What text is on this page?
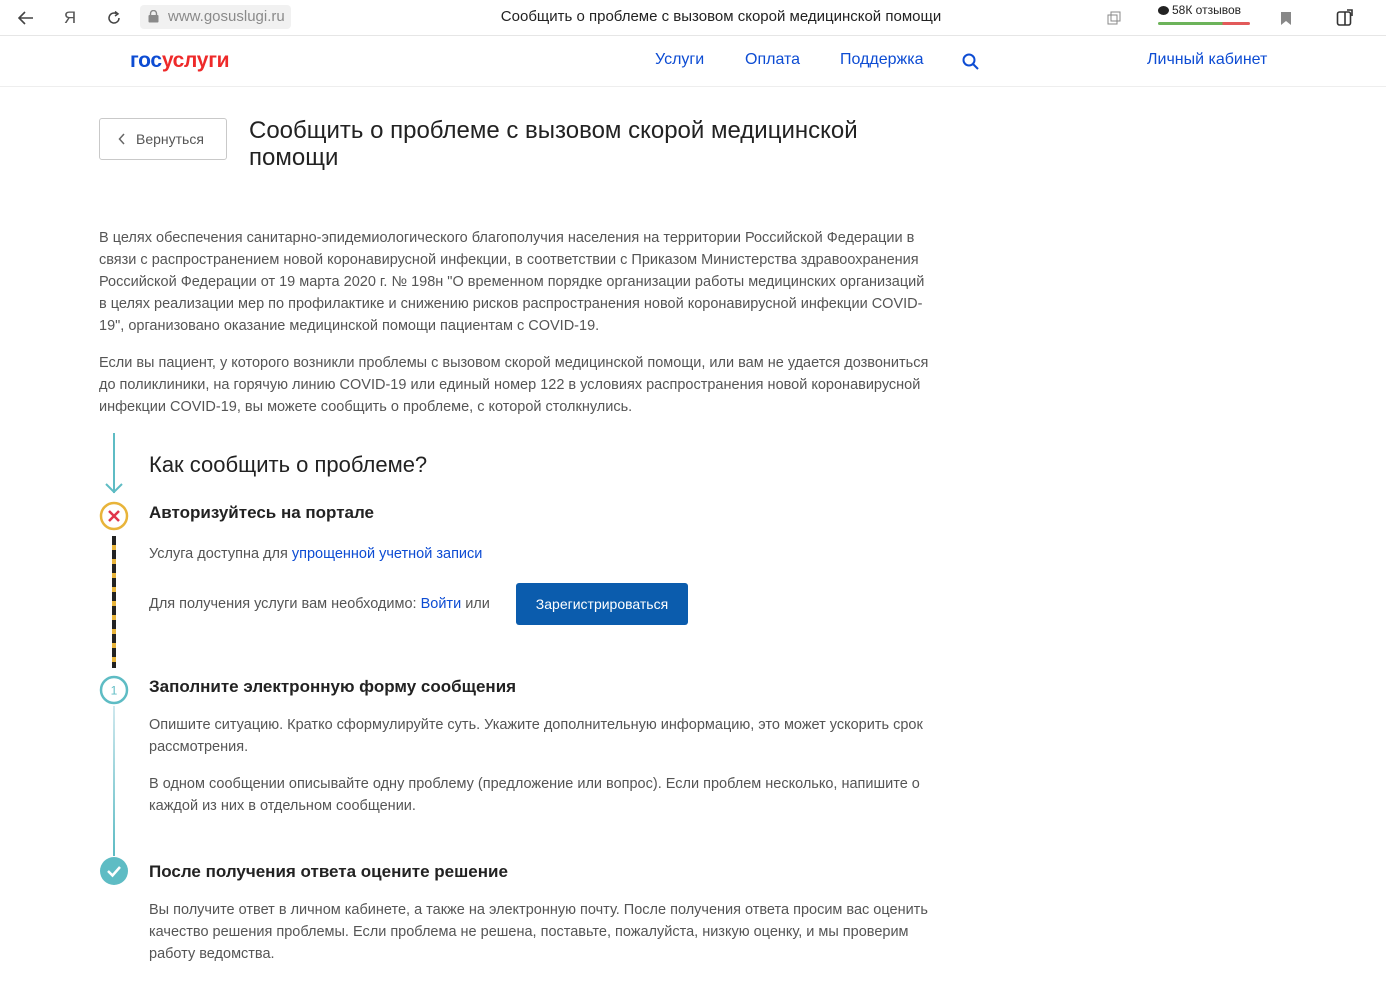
Я	www.gosuslugi.ru	Сообщить о проблеме с вызовом скорой медицинской помощи	58К отзывов
госуслуги	Услуги	Оплата Поддержка	Личный кабинет
Вернуться Сообщить о проблеме с вызовом скорой медицинской помощи

В целях обеспечения санитарно-эпидемиологического благополучия населения на территории Российской Федерации в связи с распространением новой коронавирусной инфекции, в соответствии с Приказом Министерства здравоохранения Российской Федерации от 19 марта 2020 г. № 198н "О временном порядке организации работы медицинских организаций в целях реализации мер по профилактике и снижению рисков распространения новой коронавирусной инфекции COVID-19", организовано оказание медицинской помощи пациентам с COVID-19.

Если вы пациент, у которого возникли проблемы с вызовом скорой медицинской помощи, или вам не удается дозвониться до поликлиники, на горячую линию COVID-19 или единый номер 122 в условиях распространения новой коронавирусной инфекции COVID-19, вы можете сообщить о проблеме, с которой столкнулись.

Как сообщить о проблеме?
Авторизуйтесь на портале
Услуга доступна для упрощенной учетной записи
Для получения услуги вам необходимо: Войти или	Зарегистрироваться
1 Заполните электронную форму сообщения

Опишите ситуацию. Кратко сформулируйте суть. Укажите дополнительную информацию, это может ускорить срок рассмотрения.

В одном сообщении описывайте одну проблему (предложение или вопрос). Если проблем несколько, напишите о каждой из них в отдельном сообщении.

После получения ответа оцените решение

Вы получите ответ в личном кабинете, а также на электронную почту. После получения ответа просим вас оценить качество решения проблемы. Если проблема не решена, поставьте, пожалуйста, низкую оценку, и мы проверим работу ведомства.
